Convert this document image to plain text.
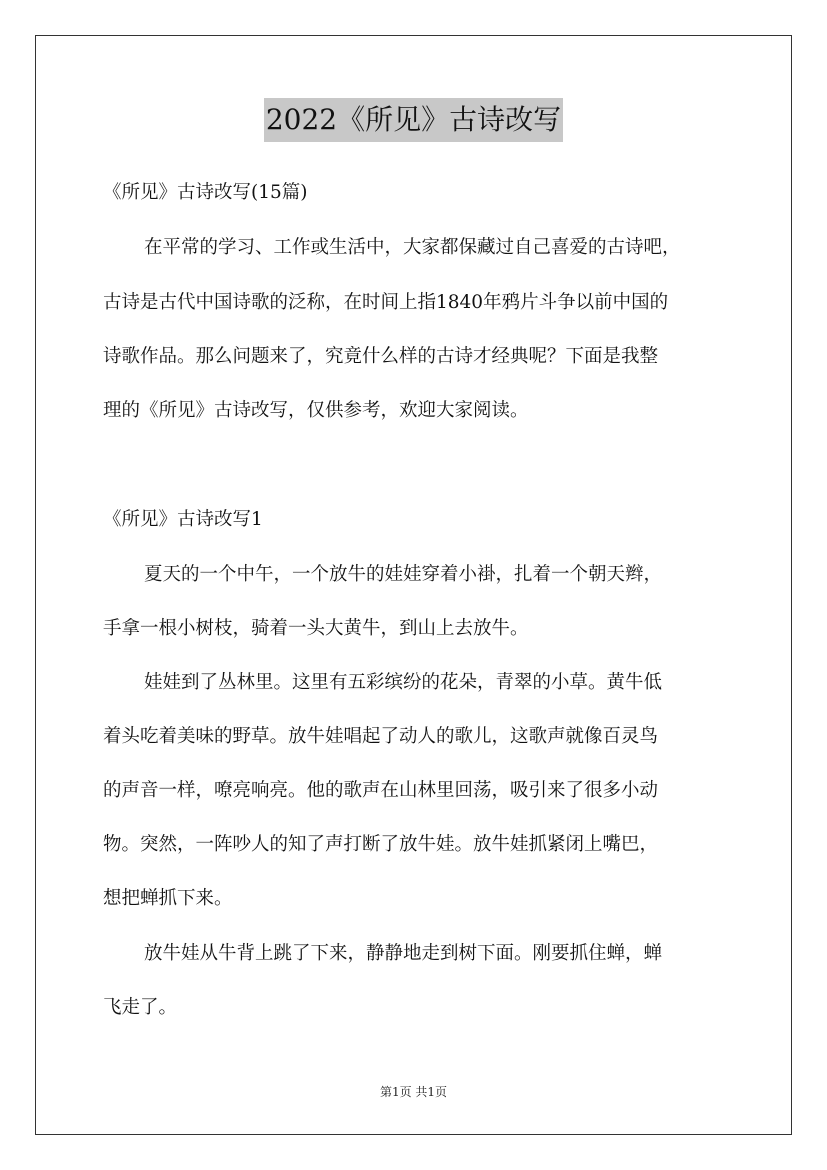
2022《所见》古诗改写
《所见》古诗改写(15篇)
在平常的学习、工作或生活中，大家都保藏过自己喜爱的古诗吧，
古诗是古代中国诗歌的泛称，在时间上指1840年鸦片斗争以前中国的
诗歌作品。那么问题来了，究竟什么样的古诗才经典呢？下面是我整
理的《所见》古诗改写，仅供参考，欢迎大家阅读。
《所见》古诗改写1
夏天的一个中午，一个放牛的娃娃穿着小褂，扎着一个朝天辫，
手拿一根小树枝，骑着一头大黄牛，到山上去放牛。
娃娃到了丛林里。这里有五彩缤纷的花朵，青翠的小草。黄牛低
着头吃着美味的野草。放牛娃唱起了动人的歌儿，这歌声就像百灵鸟
的声音一样，嘹亮响亮。他的歌声在山林里回荡，吸引来了很多小动
物。突然，一阵吵人的知了声打断了放牛娃。放牛娃抓紧闭上嘴巴，
想把蝉抓下来。
放牛娃从牛背上跳了下来，静静地走到树下面。刚要抓住蝉，蝉
飞走了。
第1页 共1页
